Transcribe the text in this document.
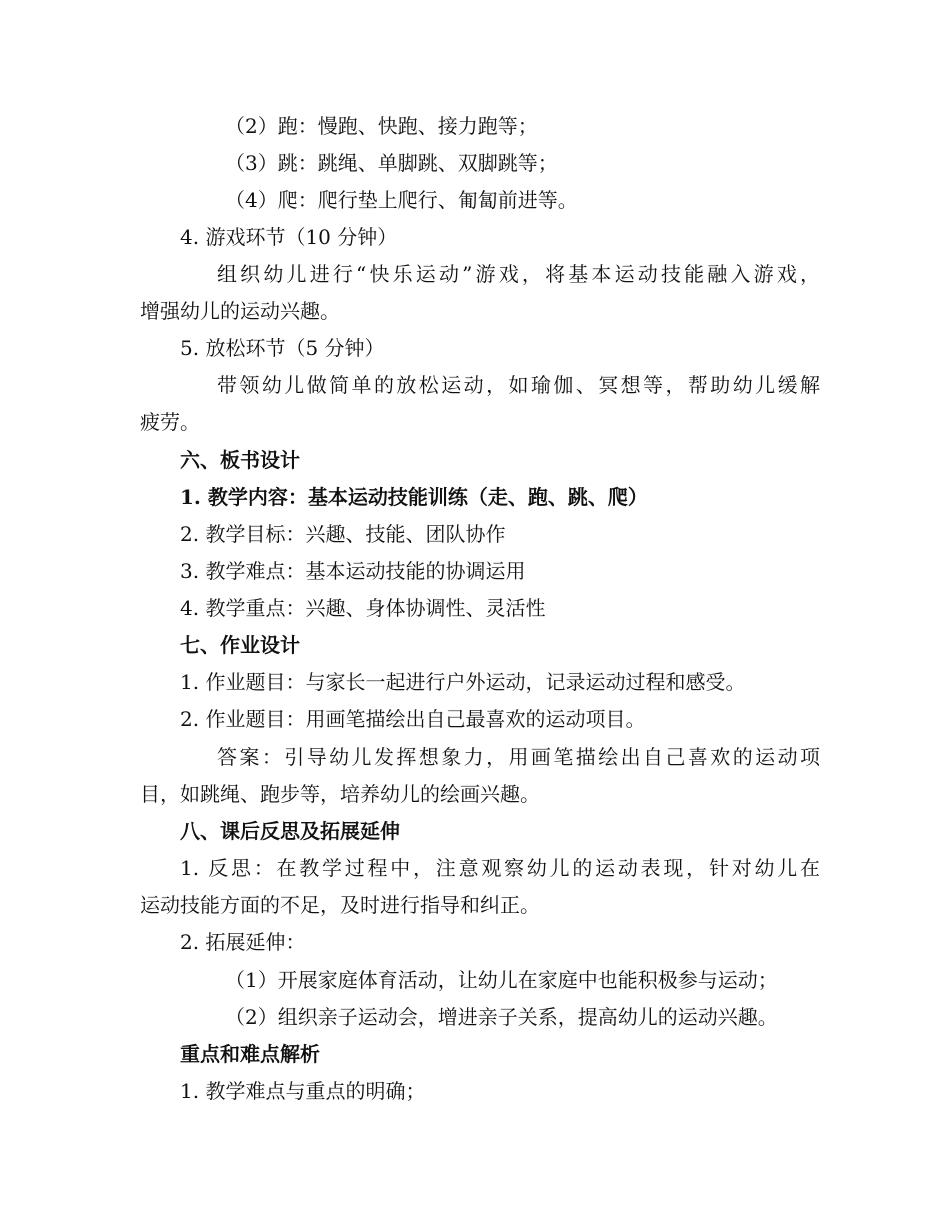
（2）跑：慢跑、快跑、接力跑等；
（3）跳：跳绳、单脚跳、双脚跳等；
（4）爬：爬行垫上爬行、匍匐前进等。
4. 游戏环节（10 分钟）
组织幼儿进行“快乐运动”游戏，将基本运动技能融入游戏，
增强幼儿的运动兴趣。
5. 放松环节（5 分钟）
带领幼儿做简单的放松运动，如瑜伽、冥想等，帮助幼儿缓解
疲劳。
六、板书设计
1. 教学内容：基本运动技能训练（走、跑、跳、爬）
2. 教学目标：兴趣、技能、团队协作
3. 教学难点：基本运动技能的协调运用
4. 教学重点：兴趣、身体协调性、灵活性
七、作业设计
1. 作业题目：与家长一起进行户外运动，记录运动过程和感受。
2. 作业题目：用画笔描绘出自己最喜欢的运动项目。
答案：引导幼儿发挥想象力，用画笔描绘出自己喜欢的运动项
目，如跳绳、跑步等，培养幼儿的绘画兴趣。
八、课后反思及拓展延伸
1. 反思：在教学过程中，注意观察幼儿的运动表现，针对幼儿在
运动技能方面的不足，及时进行指导和纠正。
2. 拓展延伸：
（1）开展家庭体育活动，让幼儿在家庭中也能积极参与运动；
（2）组织亲子运动会，增进亲子关系，提高幼儿的运动兴趣。
重点和难点解析
1. 教学难点与重点的明确；
